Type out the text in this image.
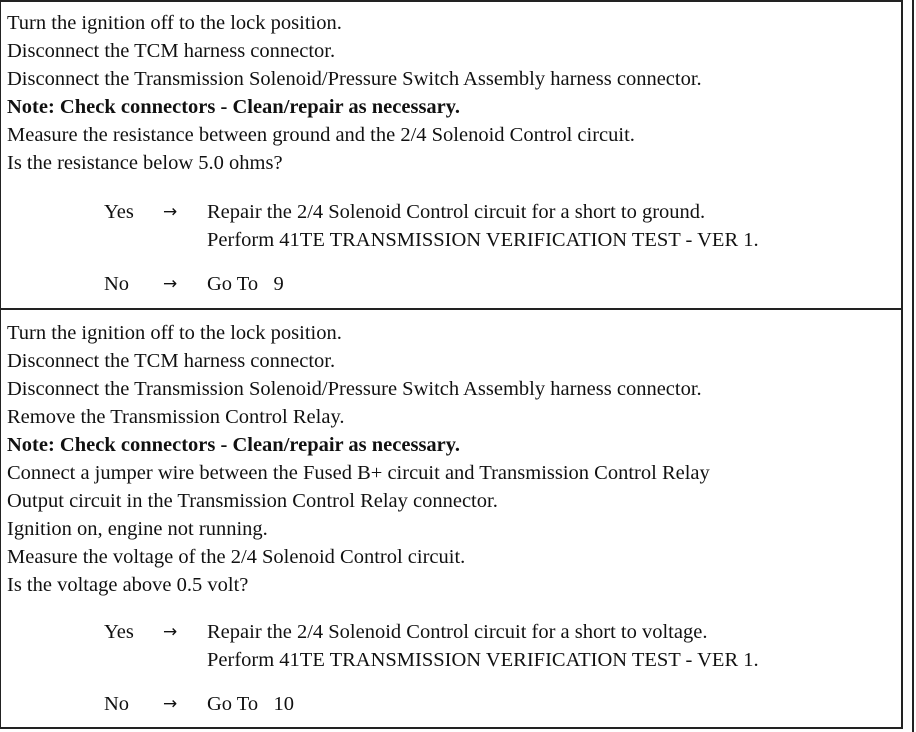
Turn the ignition off to the lock position.
Disconnect the TCM harness connector.
Disconnect the Transmission Solenoid/Pressure Switch Assembly harness connector.
Note: Check connectors - Clean/repair as necessary.
Measure the resistance between ground and the 2/4 Solenoid Control circuit.
Is the resistance below 5.0 ohms?
Yes → Repair the 2/4 Solenoid Control circuit for a short to ground.
Perform 41TE TRANSMISSION VERIFICATION TEST - VER 1.
No → Go To   9
Turn the ignition off to the lock position.
Disconnect the TCM harness connector.
Disconnect the Transmission Solenoid/Pressure Switch Assembly harness connector.
Remove the Transmission Control Relay.
Note: Check connectors - Clean/repair as necessary.
Connect a jumper wire between the Fused B+ circuit and Transmission Control Relay
Output circuit in the Transmission Control Relay connector.
Ignition on, engine not running.
Measure the voltage of the 2/4 Solenoid Control circuit.
Is the voltage above 0.5 volt?
Yes → Repair the 2/4 Solenoid Control circuit for a short to voltage.
Perform 41TE TRANSMISSION VERIFICATION TEST - VER 1.
No → Go To   10
